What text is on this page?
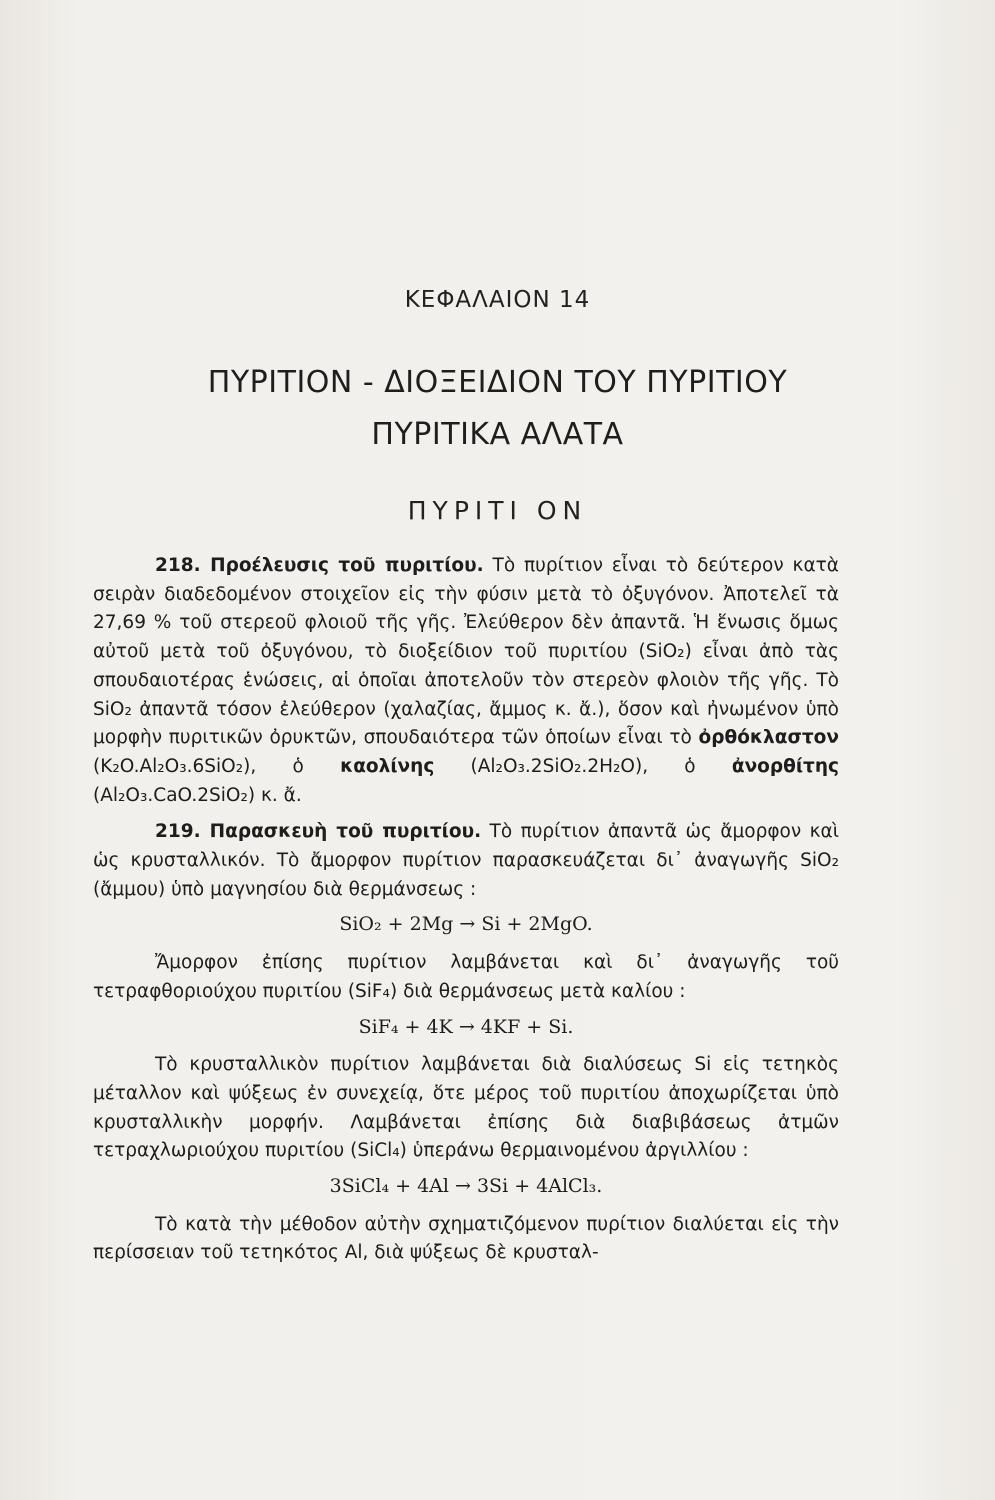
ΚΕΦΑΛΑΙΟΝ 14
ΠΥΡΙΤΙΟΝ - ΔΙΟΞΕΙΔΙΟΝ ΤΟΥ ΠΥΡΙΤΙΟΥ
ΠΥΡΙΤΙΚΑ ΑΛΑΤΑ
ΠΥΡΙΤΙ ΟΝ

218. Προέλευσις τοῦ πυριτίου. Τὸ πυρίτιον εἶναι τὸ δεύτερον κατὰ σειρὰν διαδεδομένον στοιχεῖον εἰς τὴν φύσιν μετὰ τὸ ὀξυγόνον. Ἀποτελεῖ τὰ 27,69 % τοῦ στερεοῦ φλοιοῦ τῆς γῆς. Ἐλεύθερον δὲν ἀπαντᾶ. Ἡ ἕνωσις ὅμως αὐτοῦ μετὰ τοῦ ὀξυγόνου, τὸ διοξείδιον τοῦ πυριτίου (SiO₂) εἶναι ἀπὸ τὰς σπουδαιοτέρας ἑνώσεις, αἱ ὁποῖαι ἀποτελοῦν τὸν στερεὸν φλοιὸν τῆς γῆς. Τὸ SiO₂ ἀπαντᾶ τόσον ἐλεύθερον (χαλαζίας, ἄμμος κ. ἄ.), ὅσον καὶ ἠνωμένον ὑπὸ μορφὴν πυριτικῶν ὀρυκτῶν, σπουδαιότερα τῶν ὁποίων εἶναι τὸ ὀρθόκλαστον (K₂O.Al₂O₃.6SiO₂), ὁ καολίνης (Al₂O₃.2SiO₂.2H₂O), ὁ ἀνορθίτης (Al₂O₃.CaO.2SiO₂) κ. ἄ.

219. Παρασκευὴ τοῦ πυριτίου. Τὸ πυρίτιον ἀπαντᾶ ὡς ἄμορφον καὶ ὡς κρυσταλλικόν. Τὸ ἄμορφον πυρίτιον παρασκευάζεται δι᾽ ἀναγωγῆς SiO₂ (ἄμμου) ὑπὸ μαγνησίου διὰ θερμάνσεως :

SiO₂ + 2Mg → Si + 2MgO.

Ἄμορφον ἐπίσης πυρίτιον λαμβάνεται καὶ δι᾽ ἀναγωγῆς τοῦ τετραφθοριούχου πυριτίου (SiF₄) διὰ θερμάνσεως μετὰ καλίου :

SiF₄ + 4K → 4KF + Si.

Τὸ κρυσταλλικὸν πυρίτιον λαμβάνεται διὰ διαλύσεως Si εἰς τετηκὸς μέταλλον καὶ ψύξεως ἐν συνεχείᾳ, ὅτε μέρος τοῦ πυριτίου ἀποχωρίζεται ὑπὸ κρυσταλλικὴν μορφήν. Λαμβάνεται ἐπίσης διὰ διαβιβάσεως ἀτμῶν τετραχλωριούχου πυριτίου (SiCl₄) ὑπεράνω θερμαινομένου ἀργιλλίου :

3SiCl₄ + 4Al → 3Si + 4AlCl₃.

Τὸ κατὰ τὴν μέθοδον αὐτὴν σχηματιζόμενον πυρίτιον διαλύεται εἰς τὴν περίσσειαν τοῦ τετηκότος Al, διὰ ψύξεως δὲ κρυσταλ-
